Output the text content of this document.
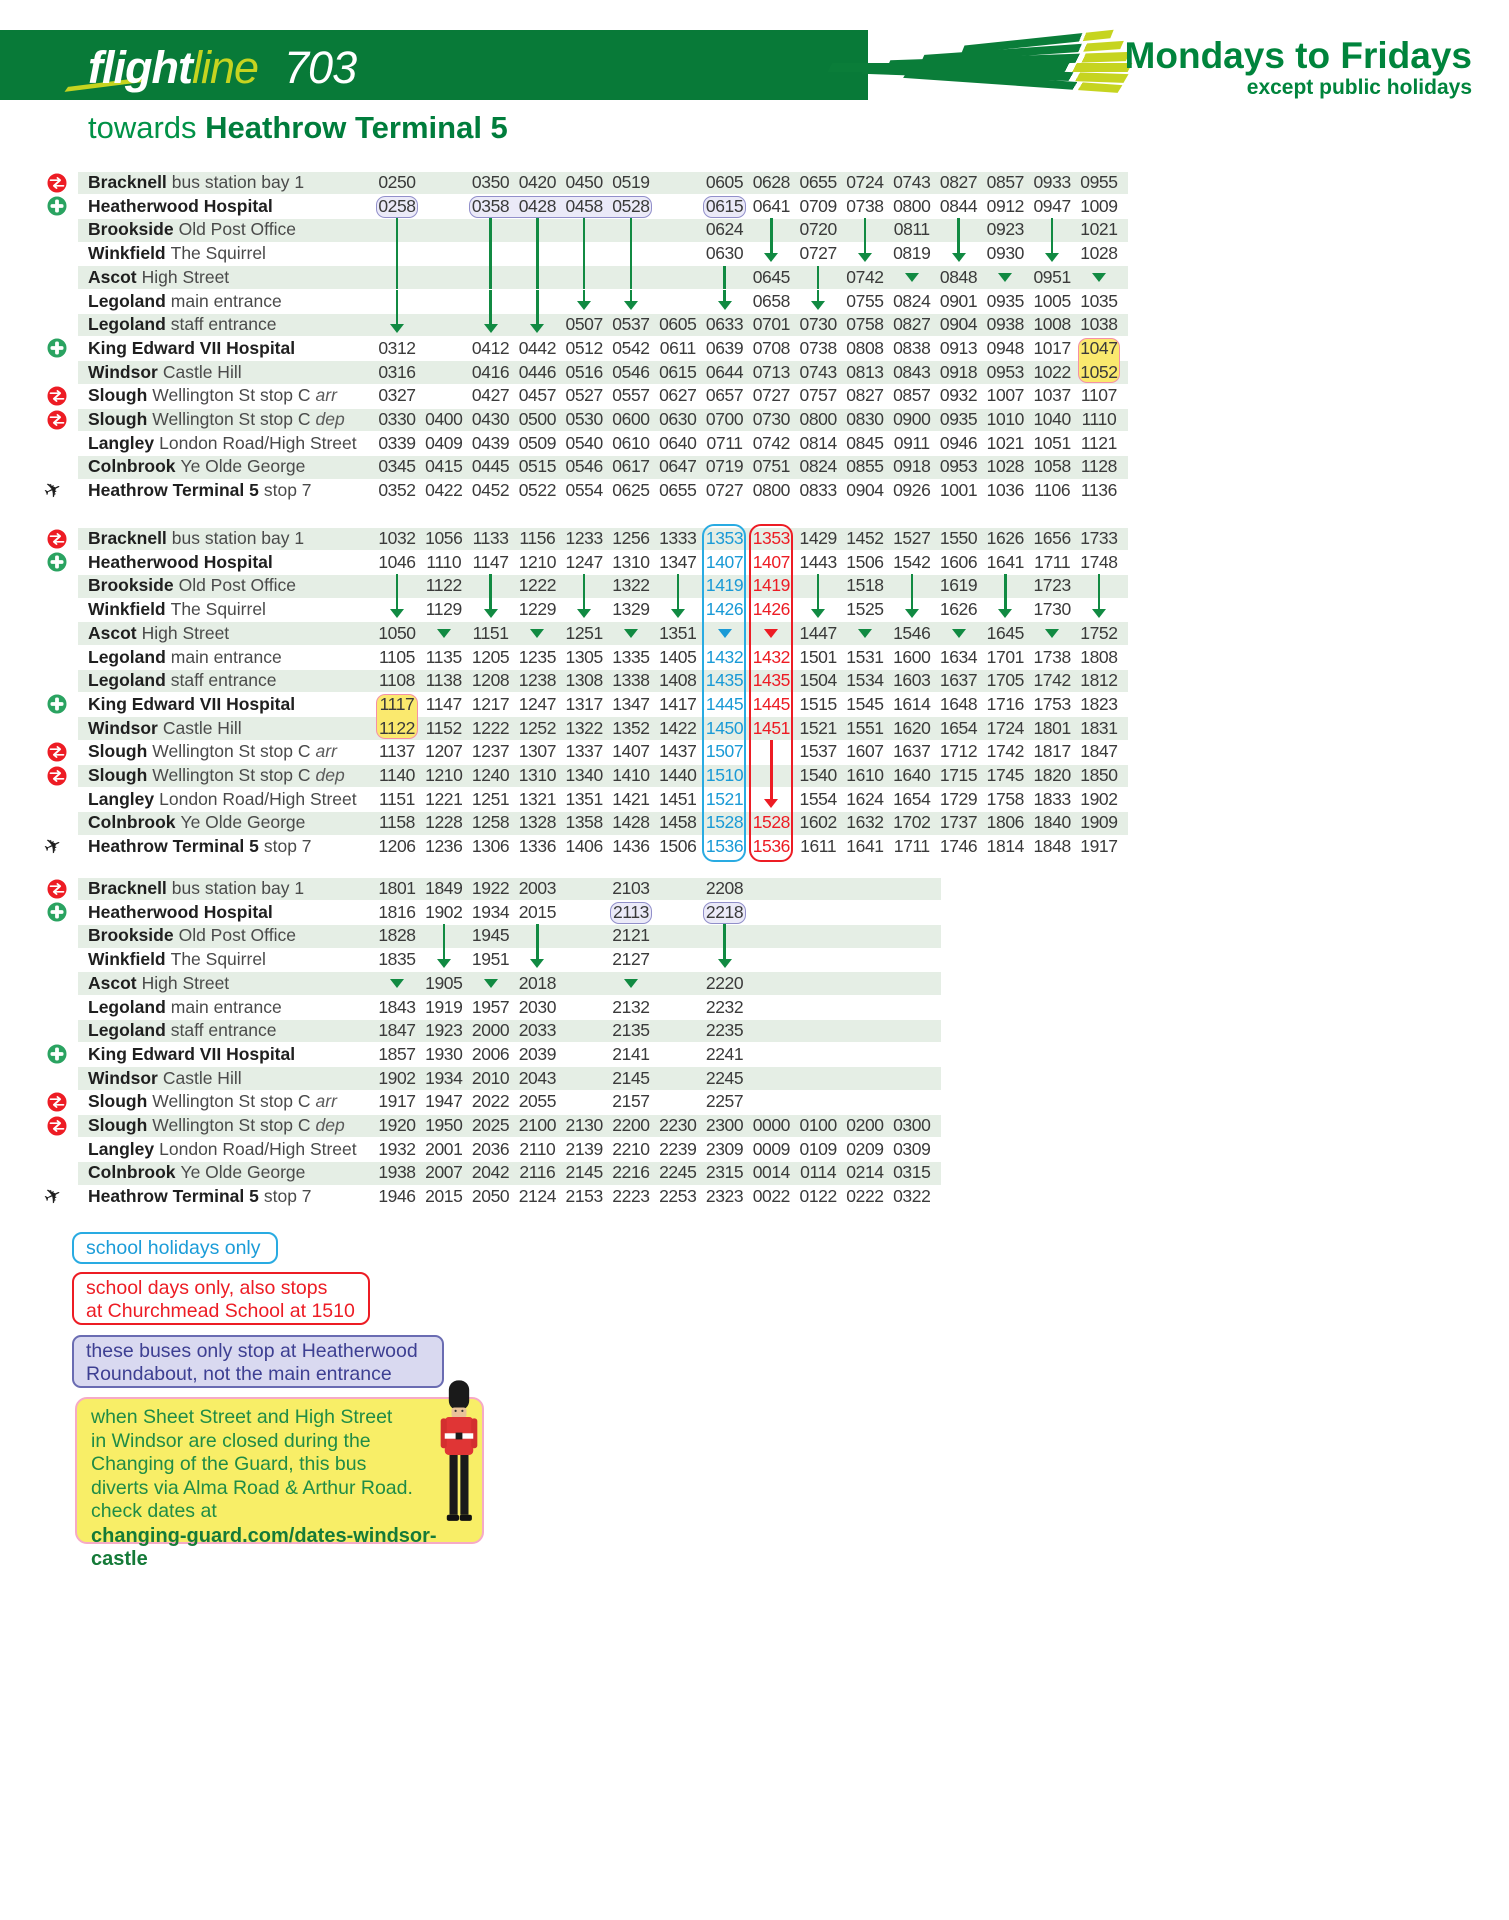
flightline 703	Mondays to Fridays
except public holidays
towards Heathrow Terminal 5
Bracknell bus station bay 1	0250	0350 0420 0450 0519	0605 0628 0655 0724 0743 0827 0857 0933 0955
Heatherwood Hospital	0258	0358 0428 0458 0528	0615 0641 0709 0738 0800 0844 0912 0947 1009
Brookside Old Post Office	0624	0720	0811	0923	1021
Winkfield The Squirrel	0630	0727	0819	0930	1028
Ascot High Street	0645	0742	0848	0951
Legoland main entrance	0658	0755 0824 0901 0935 1005 1035
Legoland staff entrance	0507 0537 0605 0633 0701 0730 0758 0827 0904 0938 1008 1038
King Edward VII Hospital	0312	0412 0442 0512 0542 0611 0639 0708 0738 0808 0838 0913 0948 1017 1047
Windsor Castle Hill	0316	0416 0446 0516 0546 0615 0644 0713 0743 0813 0843 0918 0953 1022 1052
Slough Wellington St stop C arr 0327	0427 0457 0527 0557 0627 0657 0727 0757 0827 0857 0932 1007 1037 1107
Slough Wellington St stop C dep 0330 0400 0430 0500 0530 0600 0630 0700 0730 0800 0830 0900 0935 1010 1040 1110
Langley London Road/High Street 0339 0409 0439 0509 0540 0610 0640 0711 0742 0814 0845 0911 0946 1021 1051 1121
Colnbrook Ye Olde George	0345 0415 0445 0515 0546 0617 0647 0719 0751 0824 0855 0918 0953 1028 1058 1128
✈ Heathrow Terminal 5 stop 7	0352 0422 0452 0522 0554 0625 0655 0727 0800 0833 0904 0926 1001 1036 1106 1136
Bracknell bus station bay 1	1032 1056 1133 1156 1233 1256 1333 1353 1353 1429 1452 1527 1550 1626 1656 1733
Heatherwood Hospital	1046 1110 1147 1210 1247 1310 1347 1407 1407 1443 1506 1542 1606 1641 1711 1748
Brookside Old Post Office	1122	1222	1322	1419 1419	1518	1619	1723
Winkfield The Squirrel	1129	1229	1329	1426 1426	1525	1626	1730
Ascot High Street	1050	1151	1251	1351	1447	1546	1645	1752
Legoland main entrance	1105 1135 1205 1235 1305 1335 1405 1432 1432 1501 1531 1600 1634 1701 1738 1808
Legoland staff entrance	1108 1138 1208 1238 1308 1338 1408 1435 1435 1504 1534 1603 1637 1705 1742 1812
King Edward VII Hospital	1117 1147 1217 1247 1317 1347 1417 1445 1445 1515 1545 1614 1648 1716 1753 1823
Windsor Castle Hill	1122 1152 1222 1252 1322 1352 1422 1450 1451 1521 1551 1620 1654 1724 1801 1831
Slough Wellington St stop C arr	1137 1207 1237 1307 1337 1407 1437 1507	1537 1607 1637 1712 1742 1817 1847
Slough Wellington St stop C dep	1140 1210 1240 1310 1340 1410 1440 1510	1540 1610 1640 1715 1745 1820 1850
Langley London Road/High Street	1151 1221 1251 1321 1351 1421 1451 1521	1554 1624 1654 1729 1758 1833 1902
Colnbrook Ye Olde George	1158 1228 1258 1328 1358 1428 1458 1528 1528 1602 1632 1702 1737 1806 1840 1909
✈ Heathrow Terminal 5 stop 7	1206 1236 1306 1336 1406 1436 1506 1536 1536 1611 1641 1711 1746 1814 1848 1917
Bracknell bus station bay 1	1801 1849 1922 2003	2103	2208
Heatherwood Hospital	1816 1902 1934 2015	2113	2218
Brookside Old Post Office	1828	1945	2121
Winkfield The Squirrel	1835	1951	2127
Ascot High Street	1905	2018	2220
Legoland main entrance	1843 1919 1957 2030	2132	2232
Legoland staff entrance	1847 1923 2000 2033	2135	2235
King Edward VII Hospital	1857 1930 2006 2039	2141	2241
Windsor Castle Hill	1902 1934 2010 2043	2145	2245
Slough Wellington St stop C arr 1917 1947 2022 2055	2157	2257
Slough Wellington St stop C dep 1920 1950 2025 2100 2130 2200 2230 2300 0000 0100 0200 0300
Langley London Road/High Street 1932 2001 2036 2110 2139 2210 2239 2309 0009 0109 0209 0309
Colnbrook Ye Olde George	1938 2007 2042 2116 2145 2216 2245 2315 0014 0114 0214 0315
✈ Heathrow Terminal 5 stop 7	1946 2015 2050 2124 2153 2223 2253 2323 0022 0122 0222 0322
school holidays only
school days only, also stops
at Churchmead School at 1510
these buses only stop at Heatherwood
Roundabout, not the main entrance
when Sheet Street and High Street
in Windsor are closed during the
Changing of the Guard, this bus
diverts via Alma Road & Arthur Road.
check dates at
changing-guard.com/dates-windsor-castle
